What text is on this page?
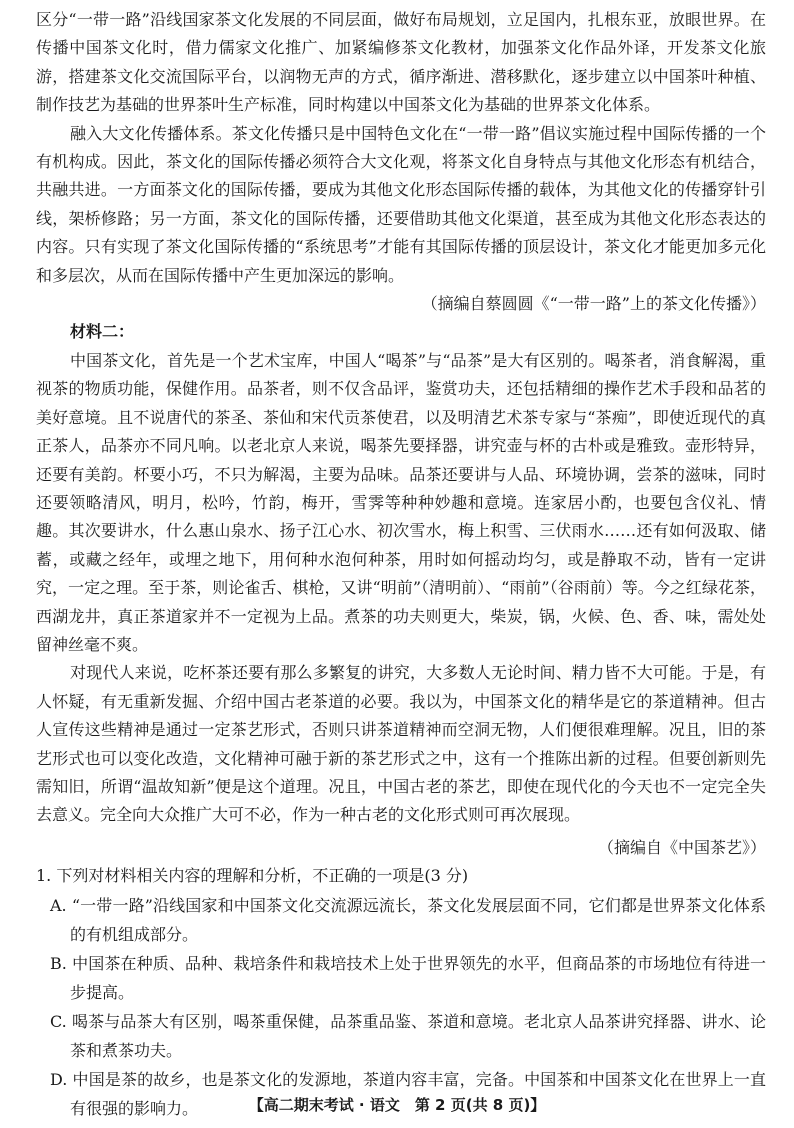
区分“一带一路”沿线国家茶文化发展的不同层面，做好布局规划，立足国内，扎根东亚，放眼世界。在传播中国茶文化时，借力儒家文化推广、加紧编修茶文化教材，加强茶文化作品外译，开发茶文化旅游，搭建茶文化交流国际平台，以润物无声的方式，循序渐进、潜移默化，逐步建立以中国茶叶种植、制作技艺为基础的世界茶叶生产标准，同时构建以中国茶文化为基础的世界茶文化体系。

融入大文化传播体系。茶文化传播只是中国特色文化在“一带一路”倡议实施过程中国际传播的一个有机构成。因此，茶文化的国际传播必须符合大文化观，将茶文化自身特点与其他文化形态有机结合，共融共进。一方面茶文化的国际传播，要成为其他文化形态国际传播的载体，为其他文化的传播穿针引线，架桥修路；另一方面，茶文化的国际传播，还要借助其他文化渠道，甚至成为其他文化形态表达的内容。只有实现了茶文化国际传播的“系统思考”才能有其国际传播的顶层设计，茶文化才能更加多元化和多层次，从而在国际传播中产生更加深远的影响。

（摘编自蔡圆圆《“一带一路”上的茶文化传播》）

材料二：

中国茶文化，首先是一个艺术宝库，中国人“喝茶”与“品茶”是大有区别的。喝茶者，消食解渴，重视茶的物质功能，保健作用。品茶者，则不仅含品评，鉴赏功夫，还包括精细的操作艺术手段和品茗的美好意境。且不说唐代的茶圣、茶仙和宋代贡茶使君，以及明清艺术茶专家与“茶痴”，即使近现代的真正茶人，品茶亦不同凡响。以老北京人来说，喝茶先要择器，讲究壶与杯的古朴或是雅致。壶形特异，还要有美韵。杯要小巧，不只为解渴，主要为品味。品茶还要讲与人品、环境协调，尝茶的滋味，同时还要领略清风，明月，松吟，竹韵，梅开，雪霁等种种妙趣和意境。连家居小酌，也要包含仪礼、情趣。其次要讲水，什么惠山泉水、扬子江心水、初次雪水，梅上积雪、三伏雨水……还有如何汲取、储蓄，或藏之经年，或埋之地下，用何种水泡何种茶，用时如何摇动均匀，或是静取不动，皆有一定讲究，一定之理。至于茶，则论雀舌、棋枪，又讲“明前”（清明前）、“雨前”（谷雨前）等。今之红绿花茶，西湖龙井，真正茶道家并不一定视为上品。煮茶的功夫则更大，柴炭，锅，火候、色、香、味，需处处留神丝毫不爽。

对现代人来说，吃杯茶还要有那么多繁复的讲究，大多数人无论时间、精力皆不大可能。于是，有人怀疑，有无重新发掘、介绍中国古老茶道的必要。我以为，中国茶文化的精华是它的茶道精神。但古人宣传这些精神是通过一定茶艺形式，否则只讲茶道精神而空洞无物，人们便很难理解。况且，旧的茶艺形式也可以变化改造，文化精神可融于新的茶艺形式之中，这有一个推陈出新的过程。但要创新则先需知旧，所谓“温故知新”便是这个道理。况且，中国古老的茶艺，即使在现代化的今天也不一定完全失去意义。完全向大众推广大可不必，作为一种古老的文化形式则可再次展现。

（摘编自《中国茶艺》）

1. 下列对材料相关内容的理解和分析，不正确的一项是(3 分)

A. “一带一路”沿线国家和中国茶文化交流源远流长，茶文化发展层面不同，它们都是世界茶文化体系的有机组成部分。

B. 中国茶在种质、品种、栽培条件和栽培技术上处于世界领先的水平，但商品茶的市场地位有待进一步提高。

C. 喝茶与品茶大有区别，喝茶重保健，品茶重品鉴、茶道和意境。老北京人品茶讲究择器、讲水、论茶和煮茶功夫。

D. 中国是茶的故乡，也是茶文化的发源地，茶道内容丰富，完备。中国茶和中国茶文化在世界上一直有很强的影响力。	【高二期末考试 · 语文　第 2 页(共 8 页)】
